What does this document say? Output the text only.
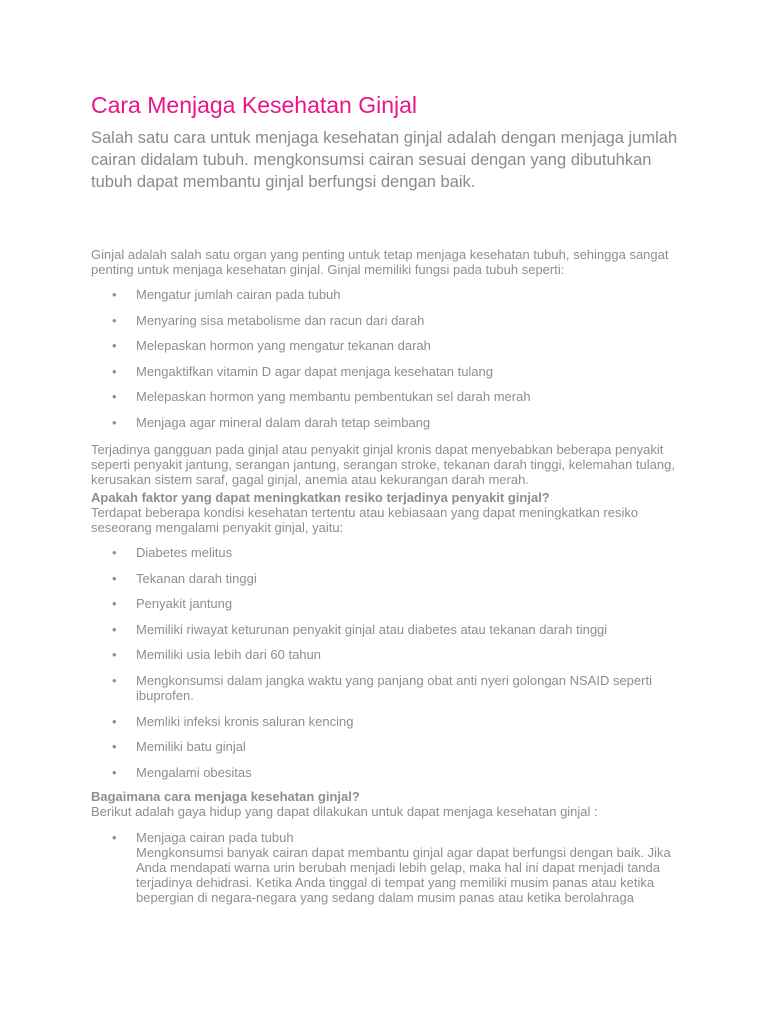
Cara Menjaga Kesehatan Ginjal

Salah satu cara untuk menjaga kesehatan ginjal adalah dengan menjaga jumlah cairan didalam tubuh. mengkonsumsi cairan sesuai dengan yang dibutuhkan tubuh dapat membantu ginjal berfungsi dengan baik.

Ginjal adalah salah satu organ yang penting untuk tetap menjaga kesehatan tubuh, sehingga sangat penting untuk menjaga kesehatan ginjal. Ginjal memiliki fungsi pada tubuh seperti:

• Mengatur jumlah cairan pada tubuh
• Menyaring sisa metabolisme dan racun dari darah
• Melepaskan hormon yang mengatur tekanan darah
• Mengaktifkan vitamin D agar dapat menjaga kesehatan tulang
• Melepaskan hormon yang membantu pembentukan sel darah merah
• Menjaga agar mineral dalam darah tetap seimbang

Terjadinya gangguan pada ginjal atau penyakit ginjal kronis dapat menyebabkan beberapa penyakit seperti penyakit jantung, serangan jantung, serangan stroke, tekanan darah tinggi, kelemahan tulang, kerusakan sistem saraf, gagal ginjal, anemia atau kekurangan darah merah.

Apakah faktor yang dapat meningkatkan resiko terjadinya penyakit ginjal?

Terdapat beberapa kondisi kesehatan tertentu atau kebiasaan yang dapat meningkatkan resiko seseorang mengalami penyakit ginjal, yaitu:

• Diabetes melitus
• Tekanan darah tinggi
• Penyakit jantung
• Memiliki riwayat keturunan penyakit ginjal atau diabetes atau tekanan darah tinggi
• Memiliki usia lebih dari 60 tahun
• Mengkonsumsi dalam jangka waktu yang panjang obat anti nyeri golongan NSAID seperti ibuprofen.
• Memliki infeksi kronis saluran kencing
• Memiliki batu ginjal
• Mengalami obesitas

Bagaimana cara menjaga kesehatan ginjal?

Berikut adalah gaya hidup yang dapat dilakukan untuk dapat menjaga kesehatan ginjal :

• Menjaga cairan pada tubuh
Mengkonsumsi banyak cairan dapat membantu ginjal agar dapat berfungsi dengan baik. Jika Anda mendapati warna urin berubah menjadi lebih gelap, maka hal ini dapat menjadi tanda terjadinya dehidrasi. Ketika Anda tinggal di tempat yang memiliki musim panas atau ketika bepergian di negara-negara yang sedang dalam musim panas atau ketika berolahraga
